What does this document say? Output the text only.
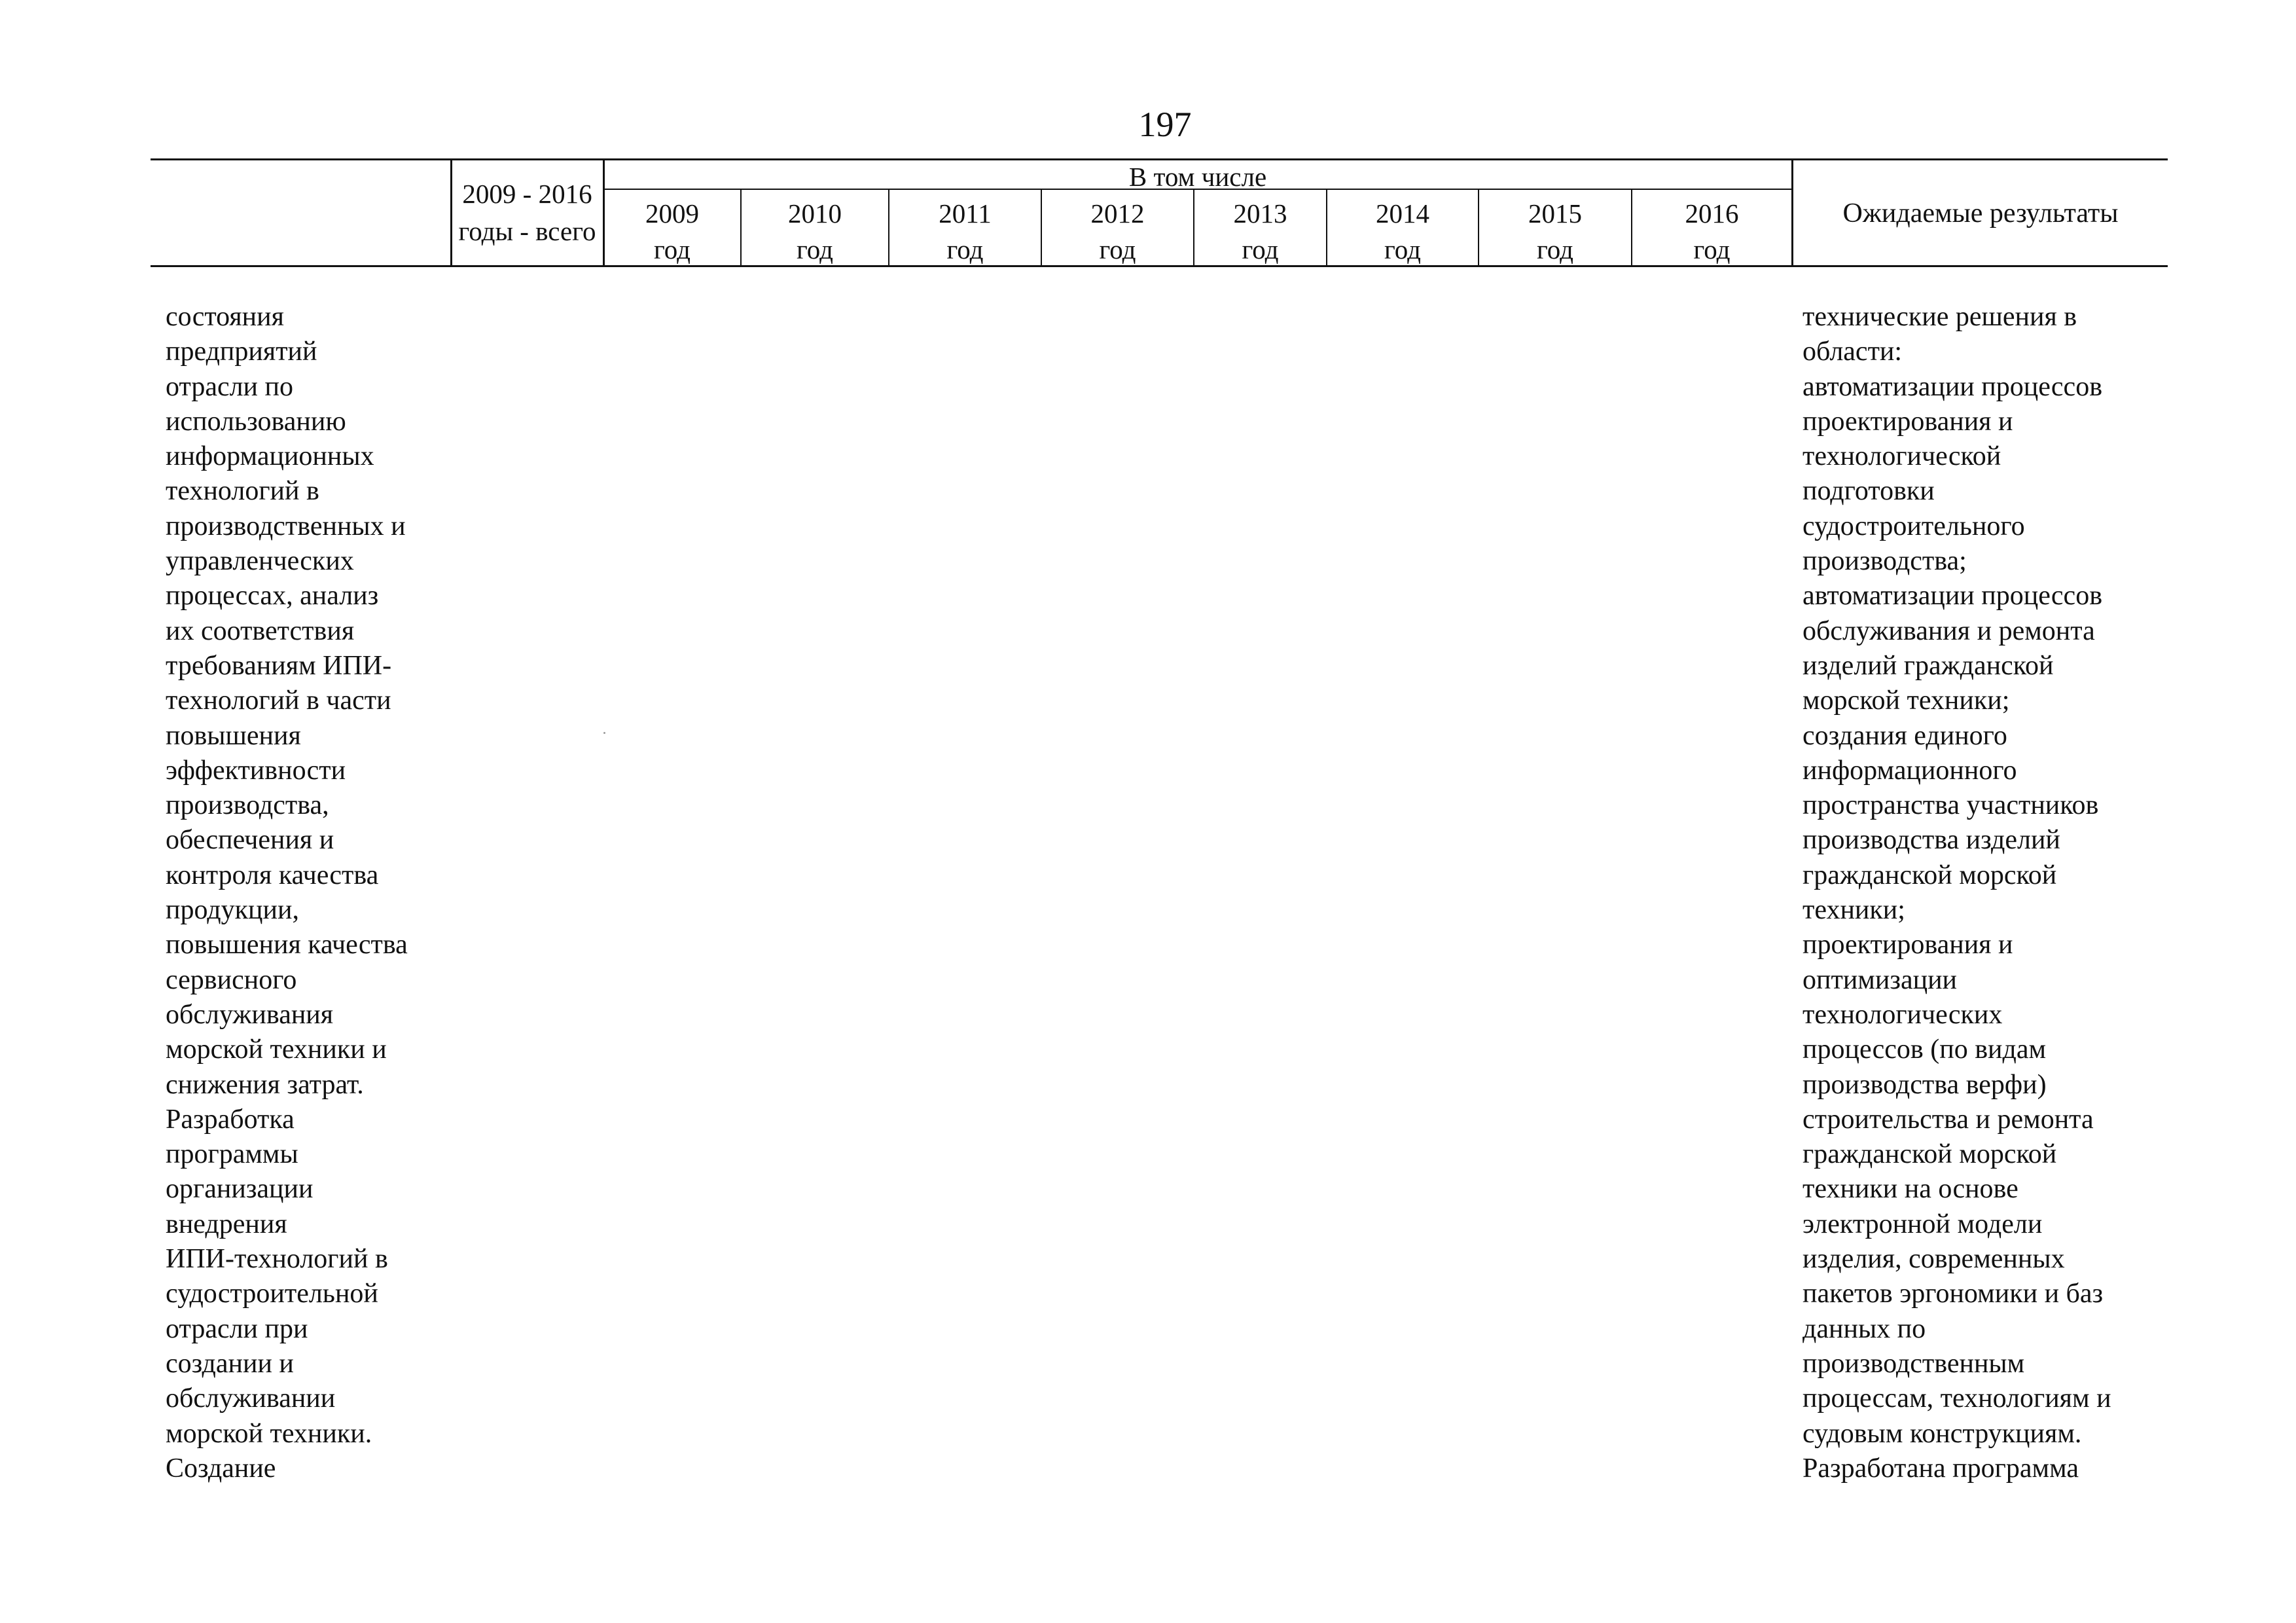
197
2009 - 2016
годы - всего
В том числе
2009
год
2010
год
2011
год
2012
год
2013
год
2014
год
2015
год
2016
год
Ожидаемые результаты
состояния
предприятий
отрасли по
использованию
информационных
технологий в
производственных и
управленческих
процессах, анализ
их соответствия
требованиям ИПИ-
технологий в части
повышения
эффективности
производства,
обеспечения и
контроля качества
продукции,
повышения качества
сервисного
обслуживания
морской техники и
снижения затрат.
Разработка
программы
организации
внедрения
ИПИ-технологий в
судостроительной
отрасли при
создании и
обслуживании
морской техники.
Создание
технические решения в
области:
автоматизации процессов
проектирования и
технологической
подготовки
судостроительного
производства;
автоматизации процессов
обслуживания и ремонта
изделий гражданской
морской техники;
создания единого
информационного
пространства участников
производства изделий
гражданской морской
техники;
проектирования и
оптимизации
технологических
процессов (по видам
производства верфи)
строительства и ремонта
гражданской морской
техники на основе
электронной модели
изделия, современных
пакетов эргономики и баз
данных по
производственным
процессам, технологиям и
судовым конструкциям.
Разработана программа
